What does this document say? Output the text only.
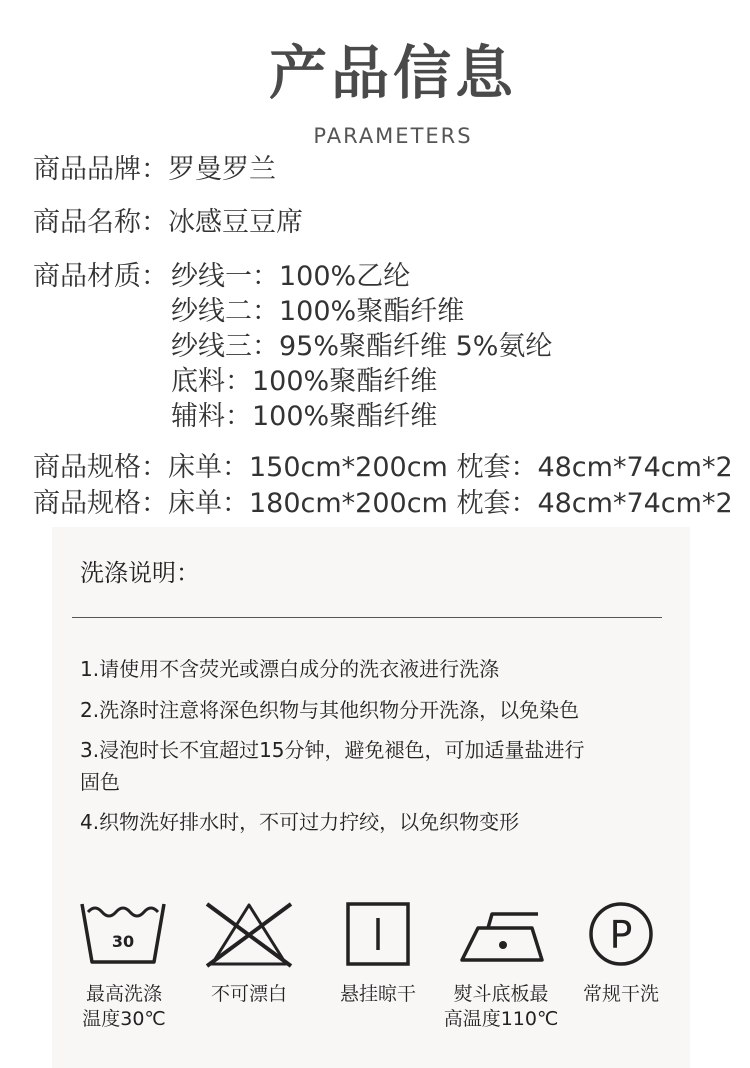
产品信息
PARAMETERS
商品品牌：罗曼罗兰
商品名称：冰感豆豆席
商品材质： 纱线一：100%乙纶
纱线二：100%聚酯纤维
纱线三：95%聚酯纤维 5%氨纶
底料：100%聚酯纤维
辅料：100%聚酯纤维
商品规格：床单：150cm*200cm 枕套：48cm*74cm*2
商品规格：床单：180cm*200cm 枕套：48cm*74cm*2
洗涤说明：
1.请使用不含荧光或漂白成分的洗衣液进行洗涤
2.洗涤时注意将深色织物与其他织物分开洗涤，以免染色
3.浸泡时长不宜超过15分钟，避免褪色，可加适量盐进行
固色
4.织物洗好排水时，不可过力拧绞，以免织物变形
30	P
最高洗涤
温度30℃
不可漂白	悬挂晾干	熨斗底板最
高温度110℃
常规干洗
